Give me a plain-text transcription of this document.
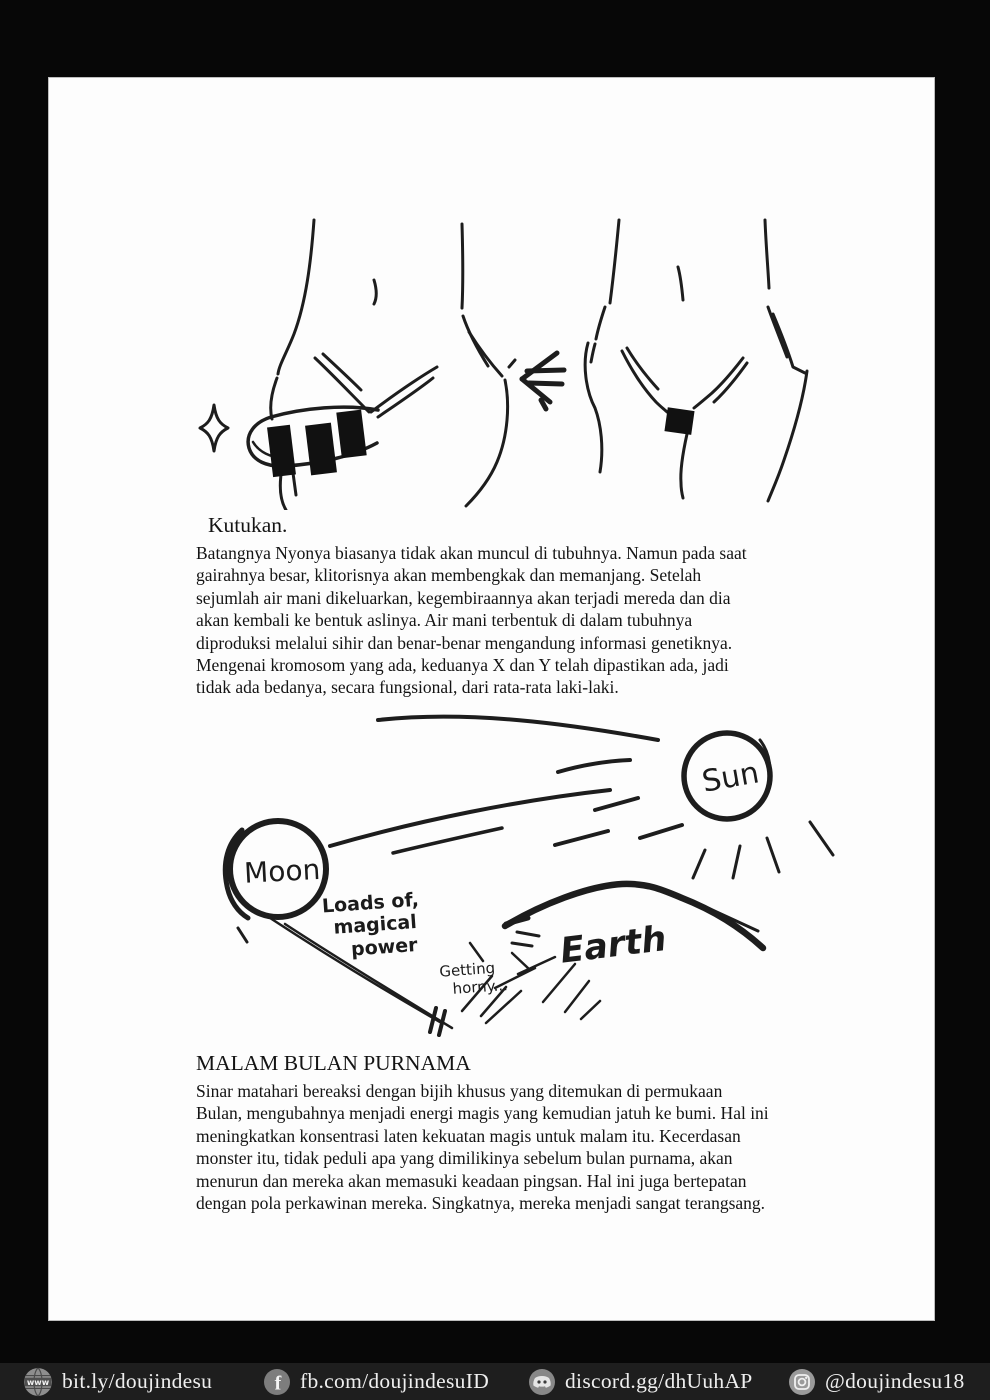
Kutukan.
Batangnya Nyonya biasanya tidak akan muncul di tubuhnya. Namun pada saat
gairahnya besar, klitorisnya akan membengkak dan memanjang. Setelah
sejumlah air mani dikeluarkan, kegembiraannya akan terjadi mereda dan dia
akan kembali ke bentuk aslinya. Air mani terbentuk di dalam tubuhnya
diproduksi melalui sihir dan benar-benar mengandung informasi genetiknya.
Mengenai kromosom yang ada, keduanya X dan Y telah dipastikan ada, jadi
tidak ada bedanya, secara fungsional, dari rata-rata laki-laki.
Sun
Moon
Loads of,
magical
power
Getting
horny...
Earth
MALAM BULAN PURNAMA
Sinar matahari bereaksi dengan bijih khusus yang ditemukan di permukaan
Bulan, mengubahnya menjadi energi magis yang kemudian jatuh ke bumi. Hal ini
meningkatkan konsentrasi laten kekuatan magis untuk malam itu. Kecerdasan
monster itu, tidak peduli apa yang dimilikinya sebelum bulan purnama, akan
menurun dan mereka akan memasuki keadaan pingsan. Hal ini juga bertepatan
dengan pola perkawinan mereka. Singkatnya, mereka menjadi sangat terangsang.
www bit.ly/doujindesu	f fb.com/doujindesuID	discord.gg/dhUuhAP	@doujindesu18
